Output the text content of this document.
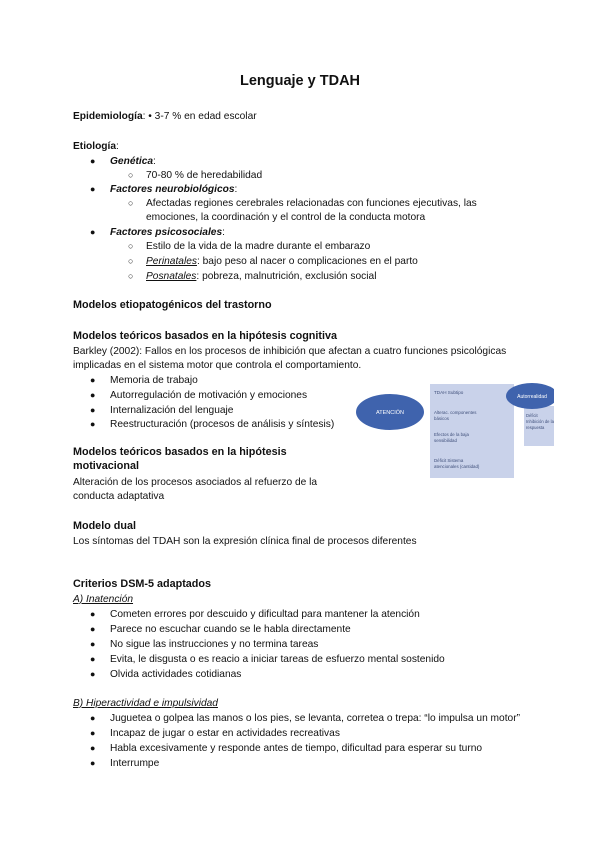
Lenguaje y TDAH
Epidemiología: • 3-7 % en edad escolar
Etiología:
● Genética:
○ 70-80 % de heredabilidad
● Factores neurobiológicos:
○ Afectadas regiones cerebrales relacionadas con funciones ejecutivas, las
emociones, la coordinación y el control de la conducta motora
● Factores psicosociales:
○ Estilo de la vida de la madre durante el embarazo
○ Perinatales: bajo peso al nacer o complicaciones en el parto
○ Posnatales: pobreza, malnutrición, exclusión social
Modelos etiopatogénicos del trastorno
Modelos teóricos basados en la hipótesis cognitiva
Barkley (2002): Fallos en los procesos de inhibición que afectan a cuatro funciones psicológicas
implicadas en el sistema motor que controla el comportamiento.
● Memoria de trabajo
● Autorregulación de motivación y emociones
● Internalización del lenguaje
● Reestructuración (procesos de análisis y síntesis)
Modelos teóricos basados en la hipótesis
motivacional
Alteración de los procesos asociados al refuerzo de la
conducta adaptativa
ATENCIÓN
Autorrealidad
TDAH Subtipo
Alterac. componentes
básicos
Efectos de la baja
sensibilidad
Déficit Sistema
atencionales (cantidad)
Déficit
Inhibición de la
respuesta
Modelo dual
Los síntomas del TDAH son la expresión clínica final de procesos diferentes
Criterios DSM-5 adaptados
A) Inatención
● Cometen errores por descuido y dificultad para mantener la atención
● Parece no escuchar cuando se le habla directamente
● No sigue las instrucciones y no termina tareas
● Evita, le disgusta o es reacio a iniciar tareas de esfuerzo mental sostenido
● Olvida actividades cotidianas
B) Hiperactividad e impulsividad
● Juguetea o golpea las manos o los pies, se levanta, corretea o trepa: “lo impulsa un motor”
● Incapaz de jugar o estar en actividades recreativas
● Habla excesivamente y responde antes de tiempo, dificultad para esperar su turno
● Interrumpe
